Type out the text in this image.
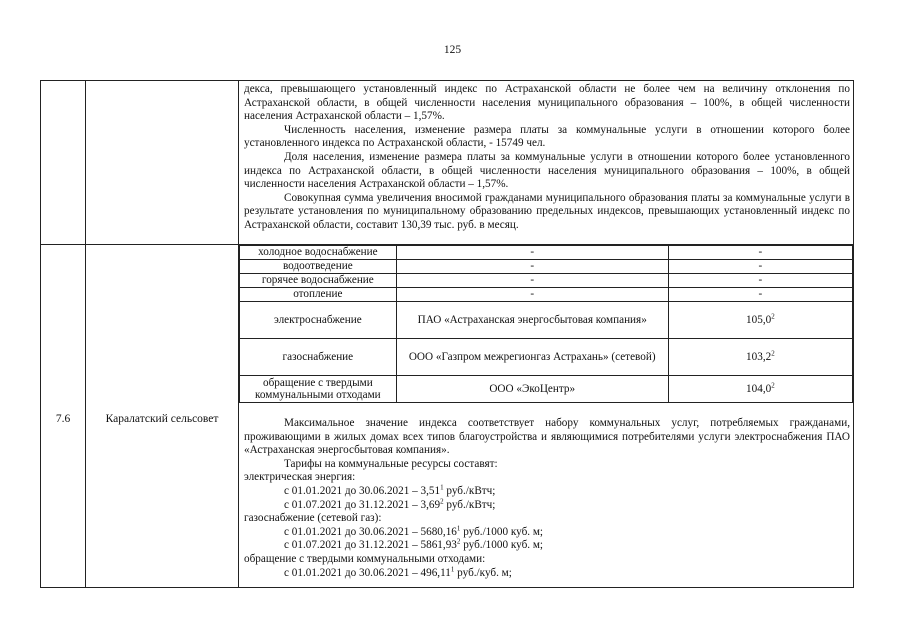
125
7.6	Каралатский сельсовет

декса, превышающего установленный индекс по Астраханской области не более чем на величину отклонения по Астраханской области, в общей численности населения муниципального образования – 100%, в общей численности населения Астраханской области – 1,57%.

Численность населения, изменение размера платы за коммунальные услуги в отношении которого более установленного индекса по Астраханской области, - 15749 чел.

Доля населения, изменение размера платы за коммунальные услуги в отношении которого более установленного индекса по Астраханской области, в общей численности населения муниципального образования – 100%, в общей численности населения Астраханской области – 1,57%.

Совокупная сумма увеличения вносимой гражданами муниципального образования платы за коммунальные услуги в результате установления по муниципальному образованию предельных индексов, превышающих установленный индекс по Астраханской области, составит 130,39 тыс. руб. в месяц.

холодное водоснабжение	-	-
водоотведение	-	-
горячее водоснабжение	-	-
отопление	-	-
электроснабжение	ПАО «Астраханская энергосбытовая компания»	105,0$^2$
газоснабжение	ООО «Газпром межрегионгаз Астрахань» (сетевой)	103,2$^2$
обращение с твердыми коммунальными отходами	ООО «ЭкоЦентр»	104,0$^2$

Максимальное значение индекса соответствует набору коммунальных услуг, потребляемых гражданами, проживающими в жилых домах всех типов благоустройства и являющимися потребителями услуги электроснабжения ПАО «Астраханская энергосбытовая компания».

Тарифы на коммунальные ресурсы составят:

электрическая энергия:

с 01.01.2021 до 30.06.2021 – 3,51$^1$ руб./кВтч;

с 01.07.2021 до 31.12.2021 – 3,69$^2$ руб./кВтч;

газоснабжение (сетевой газ):

с 01.01.2021 до 30.06.2021 – 5680,16$^1$ руб./1000 куб. м;

с 01.07.2021 до 31.12.2021 – 5861,93$^2$ руб./1000 куб. м;

обращение с твердыми коммунальными отходами:

с 01.01.2021 до 30.06.2021 – 496,11$^1$ руб./куб. м;
